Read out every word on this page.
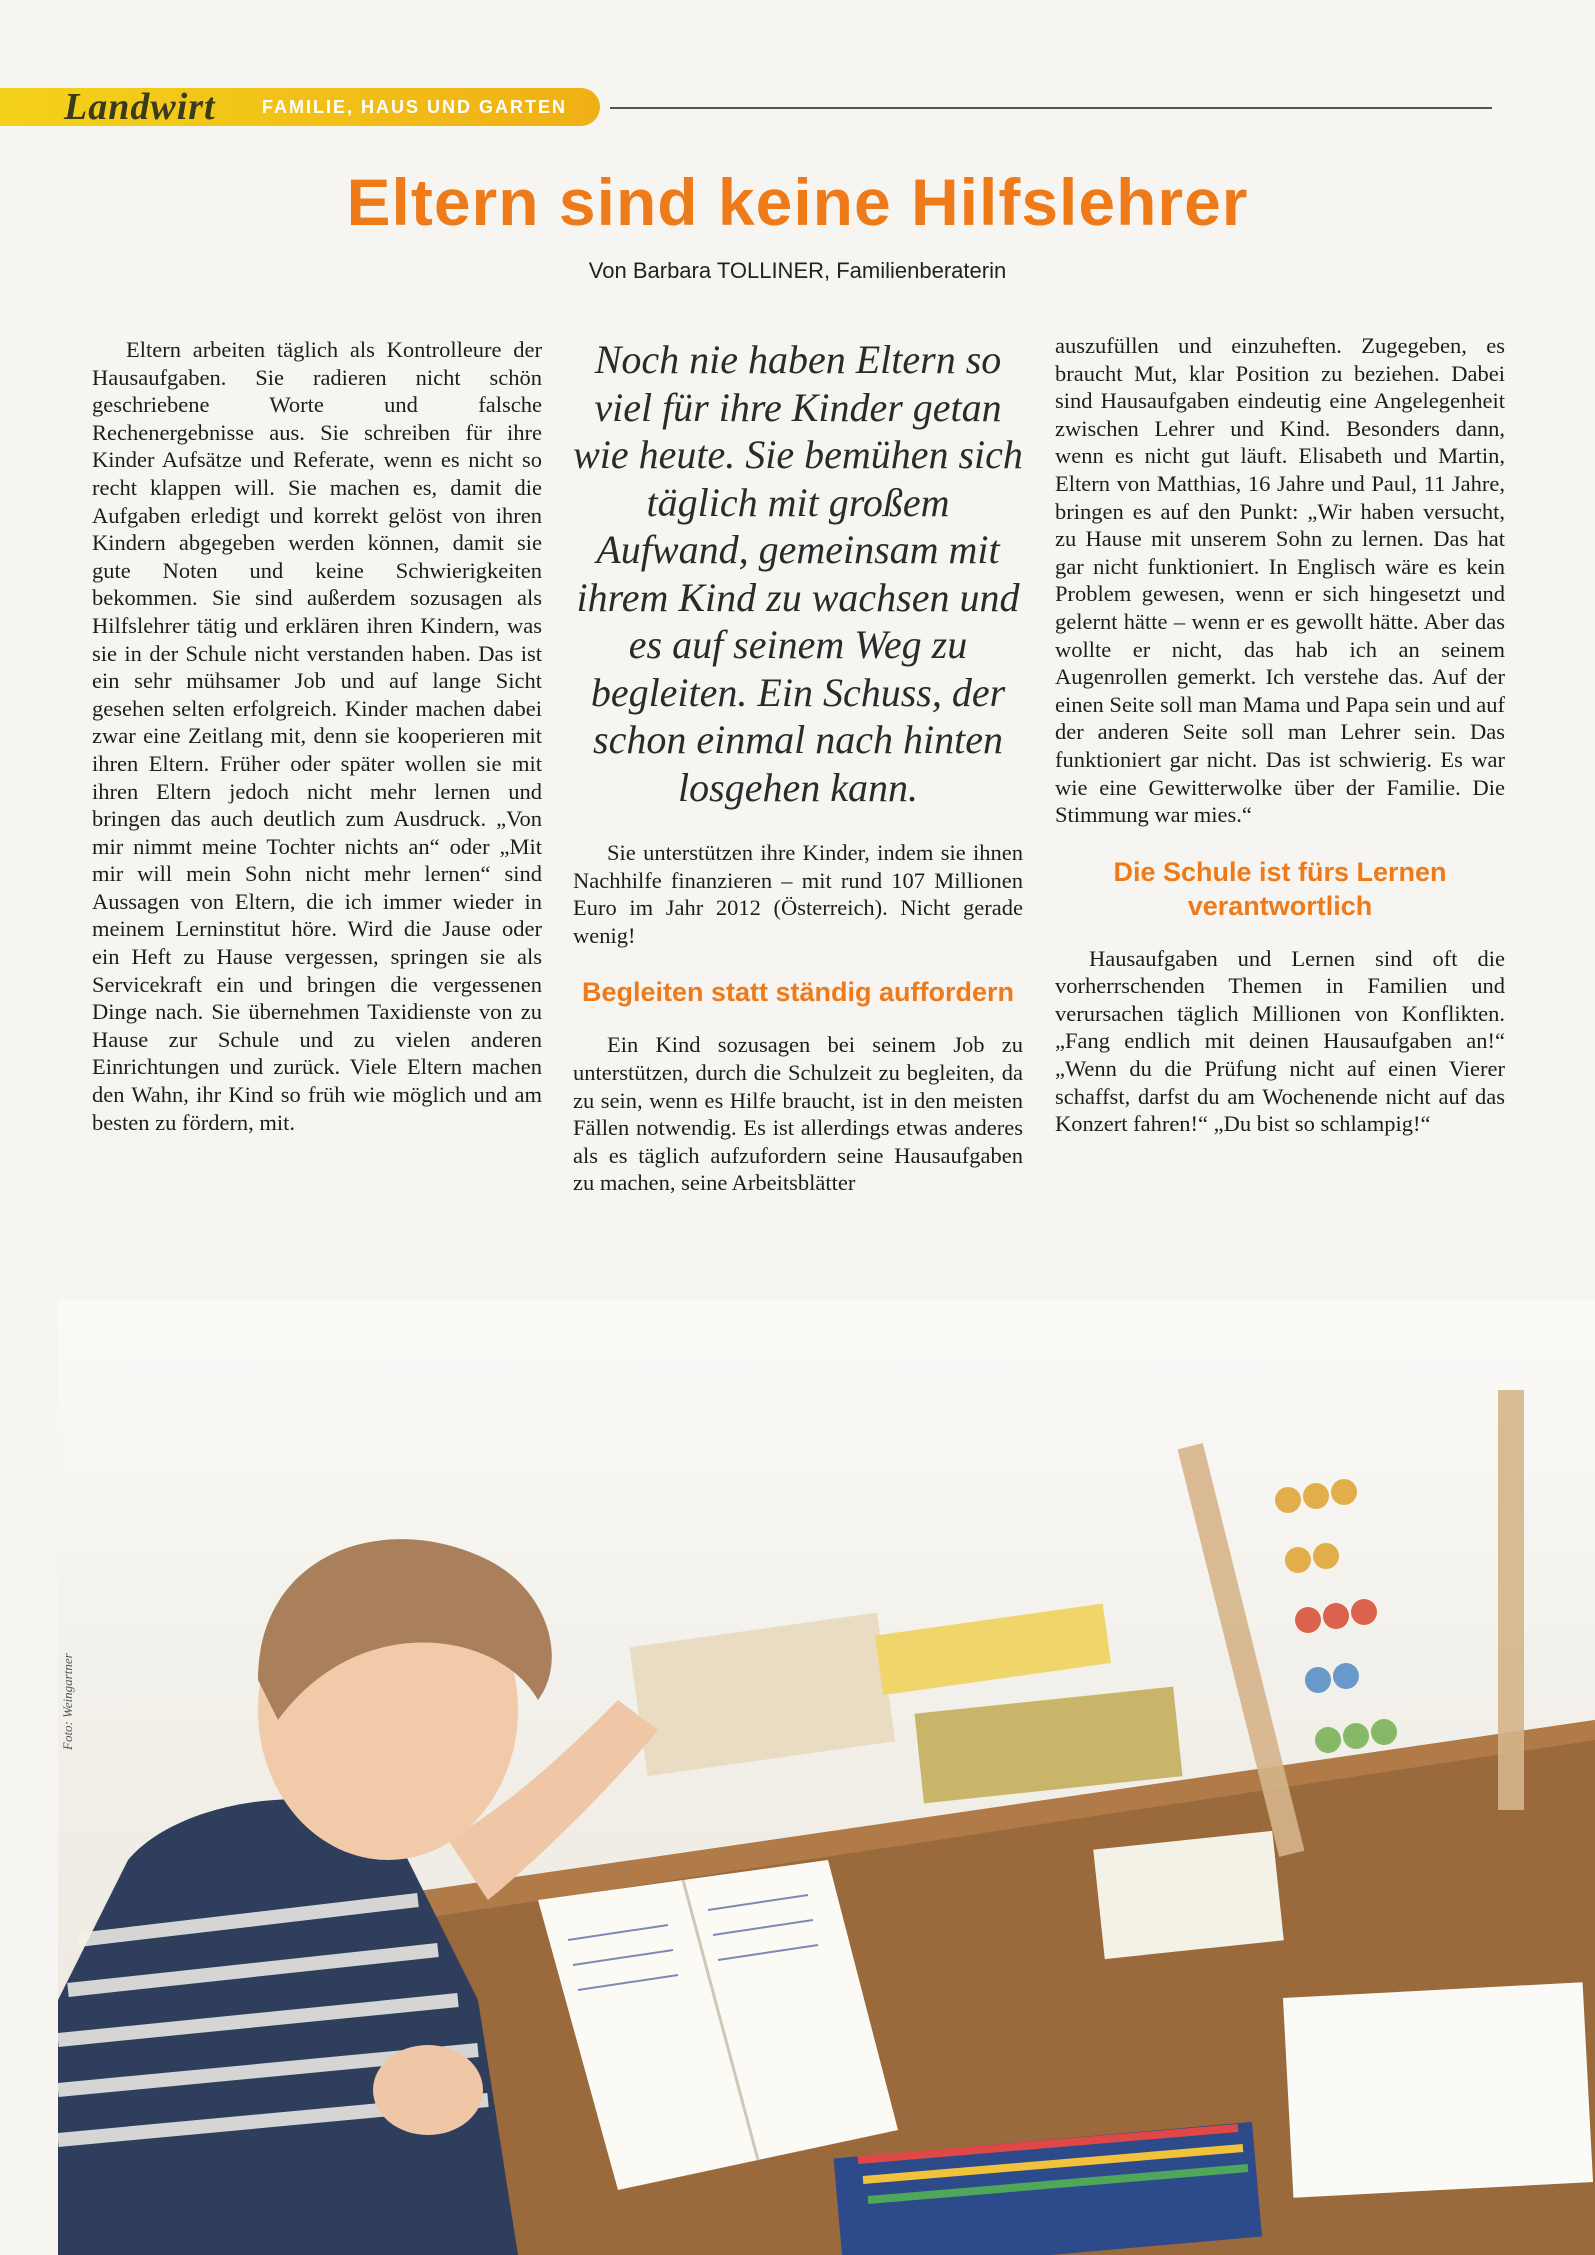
Landwirt	FAMILIE, HAUS UND GARTEN
Eltern sind keine Hilfslehrer
Von Barbara TOLLINER, Familienberaterin

Eltern arbeiten täglich als Kontrolleure der Hausaufgaben. Sie radieren nicht schön geschriebene Worte und falsche Rechenergebnisse aus. Sie schreiben für ihre Kinder Aufsätze und Referate, wenn es nicht so recht klappen will. Sie machen es, damit die Aufgaben erledigt und korrekt gelöst von ihren Kindern abgegeben werden können, damit sie gute Noten und keine Schwierigkeiten bekommen. Sie sind außerdem sozusagen als Hilfslehrer tätig und erklären ihren Kindern, was sie in der Schule nicht verstanden haben. Das ist ein sehr mühsamer Job und auf lange Sicht gesehen selten erfolgreich. Kinder machen dabei zwar eine Zeitlang mit, denn sie kooperieren mit ihren Eltern. Früher oder später wollen sie mit ihren Eltern jedoch nicht mehr lernen und bringen das auch deutlich zum Ausdruck. „Von mir nimmt meine Tochter nichts an“ oder „Mit mir will mein Sohn nicht mehr lernen“ sind Aussagen von Eltern, die ich immer wieder in meinem Lerninstitut höre. Wird die Jause oder ein Heft zu Hause vergessen, springen sie als Servicekraft ein und bringen die vergessenen Dinge nach. Sie übernehmen Taxidienste von zu Hause zur Schule und zu vielen anderen Einrichtungen und zurück. Viele Eltern machen den Wahn, ihr Kind so früh wie möglich und am besten zu fördern, mit.

Noch nie haben Eltern so viel für ihre Kinder getan wie heute. Sie bemühen sich täglich mit großem Aufwand, gemeinsam mit ihrem Kind zu wachsen und es auf seinem Weg zu begleiten. Ein Schuss, der schon einmal nach hinten losgehen kann.

Sie unterstützen ihre Kinder, indem sie ihnen Nachhilfe finanzieren – mit rund 107 Millionen Euro im Jahr 2012 (Österreich). Nicht gerade wenig!

Begleiten statt ständig auffordern

Ein Kind sozusagen bei seinem Job zu unterstützen, durch die Schulzeit zu begleiten, da zu sein, wenn es Hilfe braucht, ist in den meisten Fällen notwendig. Es ist allerdings etwas anderes als es täglich aufzufordern seine Hausaufgaben zu machen, seine Arbeitsblätter

auszufüllen und einzuheften. Zugegeben, es braucht Mut, klar Position zu beziehen. Dabei sind Hausaufgaben eindeutig eine Angelegenheit zwischen Lehrer und Kind. Besonders dann, wenn es nicht gut läuft. Elisabeth und Martin, Eltern von Matthias, 16 Jahre und Paul, 11 Jahre, bringen es auf den Punkt: „Wir haben versucht, zu Hause mit unserem Sohn zu lernen. Das hat gar nicht funktioniert. In Englisch wäre es kein Problem gewesen, wenn er sich hingesetzt und gelernt hätte – wenn er es gewollt hätte. Aber das wollte er nicht, das hab ich an seinem Augenrollen gemerkt. Ich verstehe das. Auf der einen Seite soll man Mama und Papa sein und auf der anderen Seite soll man Lehrer sein. Das funktioniert gar nicht. Das ist schwierig. Es war wie eine Gewitterwolke über der Familie. Die Stimmung war mies.“

Die Schule ist fürs Lernen verantwortlich

Hausaufgaben und Lernen sind oft die vorherrschenden Themen in Familien und verursachen täglich Millionen von Konflikten. „Fang endlich mit deinen Hausaufgaben an!“ „Wenn du die Prüfung nicht auf einen Vierer schaffst, darfst du am Wochenende nicht auf das Konzert fahren!“ „Du bist so schlampig!“

Foto: Weingartner
